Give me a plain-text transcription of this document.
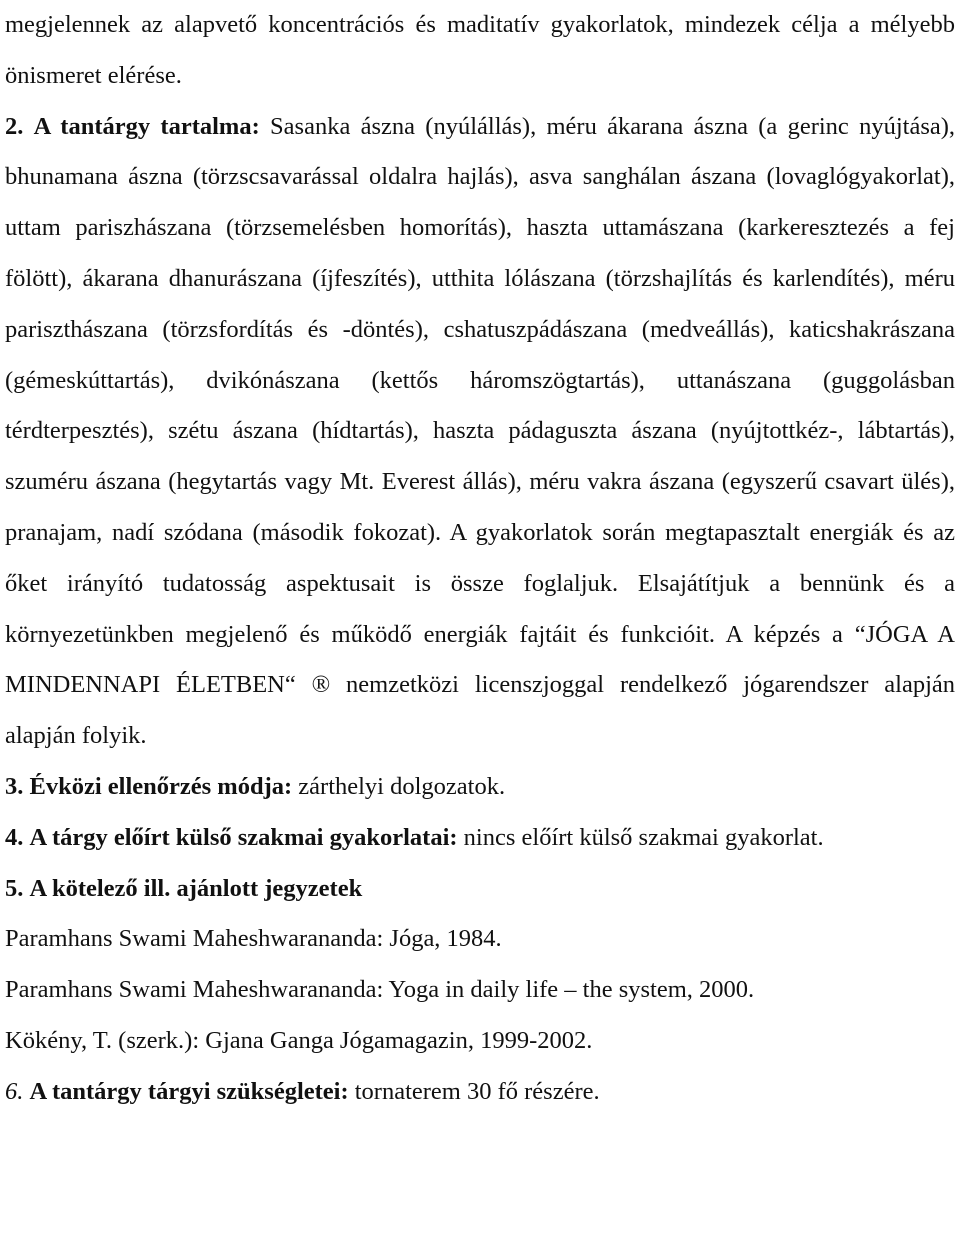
megjelennek az alapvető koncentrációs és maditatív gyakorlatok, mindezek célja a mélyebb önismeret elérése.

2. A tantárgy tartalma: Sasanka ászna (nyúlállás), méru ákarana ászna (a gerinc nyújtása), bhunamana ászna (törzscsavarással oldalra hajlás), asva sanghálan ászana (lovaglógyakorlat), uttam pariszhászana (törzsemelésben homorítás), haszta uttamászana (karkeresztezés a fej fölött), ákarana dhanurászana (íjfeszítés), utthita lólászana (törzshajlítás és karlendítés), méru pariszthászana (törzsfordítás és -döntés), cshatuszpádászana (medveállás), katicshakrászana (gémeskúttartás), dvikónászana (kettős háromszögtartás), uttanászana (guggolásban térdterpesztés), szétu ászana (hídtartás), haszta pádaguszta ászana (nyújtottkéz-, lábtartás), szuméru ászana (hegytartás vagy Mt. Everest állás), méru vakra ászana (egyszerű csavart ülés), pranajam, nadí szódana (második fokozat). A gyakorlatok során megtapasztalt energiák és az őket irányító tudatosság aspektusait is össze foglaljuk. Elsajátítjuk a bennünk és a környezetünkben megjelenő és működő energiák fajtáit és funkcióit. A képzés a “JÓGA A MINDENNAPI ÉLETBEN“ ® nemzetközi licenszjoggal rendelkező jógarendszer alapján alapján folyik.

3. Évközi ellenőrzés módja: zárthelyi dolgozatok.

4. A tárgy előírt külső szakmai gyakorlatai: nincs előírt külső szakmai gyakorlat.

5. A kötelező ill. ajánlott jegyzetek

Paramhans Swami Maheshwarananda: Jóga, 1984.

Paramhans Swami Maheshwarananda: Yoga in daily life – the system, 2000.

Kökény, T. (szerk.): Gjana Ganga Jógamagazin, 1999-2002.

6. A tantárgy tárgyi szükségletei: tornaterem 30 fő részére.
